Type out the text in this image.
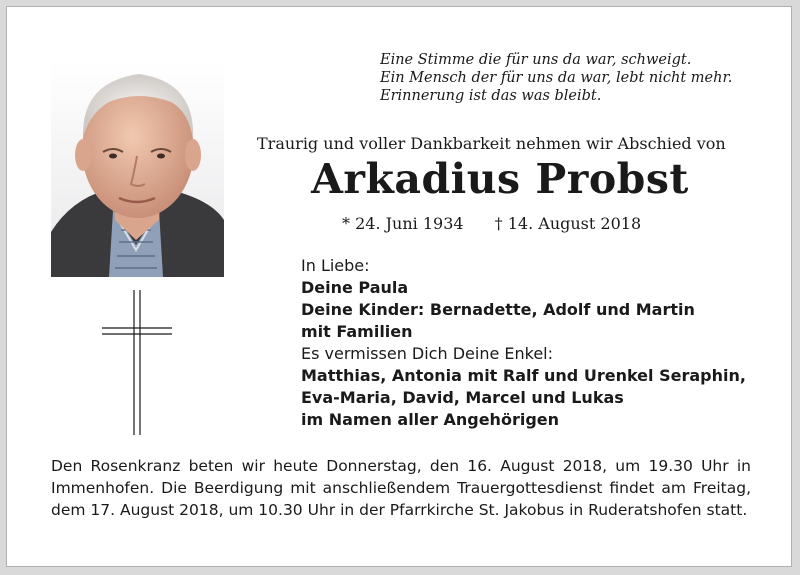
Eine Stimme die für uns da war, schweigt.
Ein Mensch der für uns da war, lebt nicht mehr.
Erinnerung ist das was bleibt.
Traurig und voller Dankbarkeit nehmen wir Abschied von
Arkadius Probst
* 24. Juni 1934 † 14. August 2018
In Liebe:
Deine Paula
Deine Kinder: Bernadette, Adolf und Martin
mit Familien
Es vermissen Dich Deine Enkel:
Matthias, Antonia mit Ralf und Urenkel Seraphin,
Eva-Maria, David, Marcel und Lukas
im Namen aller Angehörigen
Den Rosenkranz beten wir heute Donnerstag, den 16. August 2018, um 19.30 Uhr in Immenhofen. Die Beerdigung mit anschließendem Trauergottesdienst findet am Freitag, dem 17. August 2018, um 10.30 Uhr in der Pfarrkirche St. Jakobus in Ruderatshofen statt.
